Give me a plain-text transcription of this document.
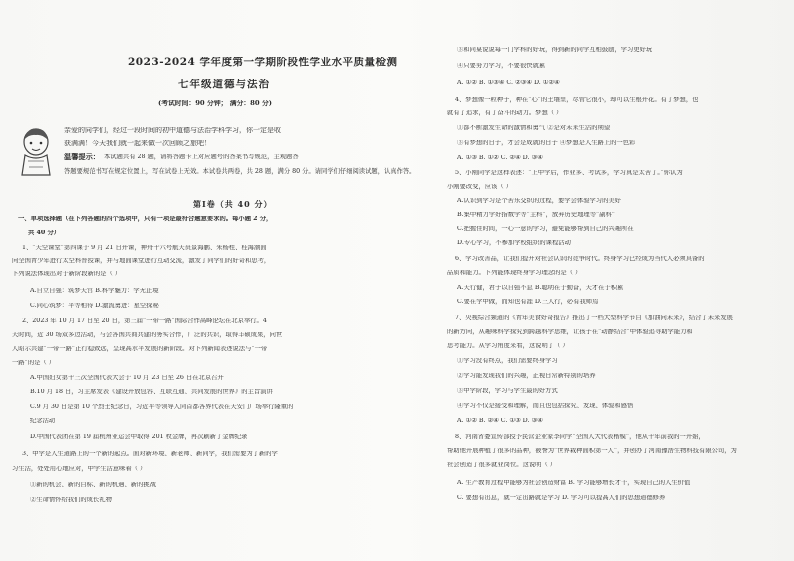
2023-2024 学年度第一学期阶段性学业水平质量检测
七年级道德与法治
(考试时间：90 分钟； 满分：80 分)
亲爱的同学们，经过一段时间的初中道德与法治学科学习，你一定是收
获满满！今天我们就一起来做一次回顾之旅吧！
温馨提示： 本试题共有 28 题，请将答题卡上对应题号的答案书写规范，主观题答
答题要规范书写在规定位置上，写在试卷上无效。本试卷共两卷，共 28 题，满分 80 分。请同学们仔细阅读试题，认真作答。
第Ⅰ卷（共 40 分）
一、单项选择题（在下列各题的四个选项中，只有一项是最符合题意要求的。每小题 2 分，
共 40 分）
1、“天空课堂”第四课于 9 月 21 日开课，神舟十六号航天员景海鹏、朱杨柱、桂海潮面
向全国青少年进行太空科普授课，并与地面课堂进行互动交流，激发了同学们的好奇和思考，
下列说法体现出对于新阶段新的是（ ）
A.自立自强：筑梦天宫 B.科学魅力：学无止境
C.同心筑梦：平等相待 D.激流勇进：星空探秘
2、2023 年 10 月 17 日至 20 日，第三届“一带一路”国际合作高峰论坛在北京举行。4
天时间，近 30 场双多边活动，与会各国共商共建的务实合作，广泛的共识，取得丰硕成果，向世
人昭示共建“一带一路”正行稳致远，呈现高水平发展的新阶段。对下列新闻表述说法与“一带
一路”的是（ ）
A.中国妇女第十三次全国代表大会于 10 月 23 日至 26 日在北京召开
B.10 月 18 日，习主席发表《建设开放包容、互联互通、共同发展的世界》的主旨演讲
C.9 月 30 日是第 10 个烈士纪念日，习近平等领导人同首都各界代表在天安门广场举行隆重的
纪念活动
D.中国代表团在第 19 届杭州亚运会中取得 201 枚金牌，再次刷新了金牌纪录
3、中学是人生道路上的一个新的起点。面对新环境、新老师、新同学，我们需要为了新的学
习生活，处处用心地应对，中学生活意味着（ ）
①新的机会、新的目标、新的机遇、新的挑战
②生命情怀给我们的成长礼物
③和同桌说说每一门学科的好玩，得到新的同学互相鼓励，学习更好玩
④只要努力学习，不要很快就累
A. ①② B. ①③④ C. ②③④ D. ①②④
4、梦想像一粒种子，种在“心”的土壤里，尽管它很小，却可以生根开花。有了梦想，也
就有了追求，有了奋斗的动力。梦想（ ）
①都不断激发生命的激情和勇气 ②是对未来生活的期望
③有梦想的日子，才会是成就的日子 ④梦想是人生路上的一色彩
A. ①③ B. ①② C. ②④ D. ③④
5、小刚同学是这样表述：“上中学后，作业多、考试多，学习真是太苦了。”你认为
小刚要改变，应该（ ）
A.认识到学习是个苦乐交织的过程，要学会体验学习的美好
B.集中精力学好指数学等“主科”，放弃历史地理等“副科”
C.把握住时间，一心一意的学习，避免能够帮到自己的兴趣所在
D.专心学习，不参加学校组织的课程活动
6、学习改善品，让我们提升对社会认识的竞争时代。终身学习已经成为当代人必须具备的
品质和能力。下列能体现终身学习理念的是（ ）
A.天行健，君子以自强不息 B.聪明在于勤奋，天才在于积累
C.要在学中做，而知也有涯 D.三人行，必有我师焉
7、央视综合频道的《青年美食好奇报告》推出了一档大型科学节目《加油向未来》，结合了未来发展
的新方向，从趣味科学探究到跨越科学思维，让孩子在“动静结合”中体验追寻助学能力和
思考能力。从学习角度来看，这说明了（ ）
①学习没有终点，我们需要终身学习
②学习能发现我们的兴趣，正视日常新特别的培养
③中学阶段，学习与学生最的好方式
④学习不仅是接受和理解，而且也包括探究、发现、体验和感悟
A. ①② B. ②④ C. ①③ D. ③④
8、河南省委宣传部授予民营企业家李同学“全国人大代表楷模”，他从十年前我的一开始，
帮助他开展种植了很多的品种，被誉为“世界栽种面积第一人”，并创办了河南豫浩生物科技有限公司，为
社会创造了很多就业岗位。这说明（ ）
A. 生产教育过程中能够为社会创造财富 B. 学习能够增长才干，实现自己的人生价值
C. 要想有出息，就一定出路就是学习 D. 学习可以提高人们的思想道德修养
